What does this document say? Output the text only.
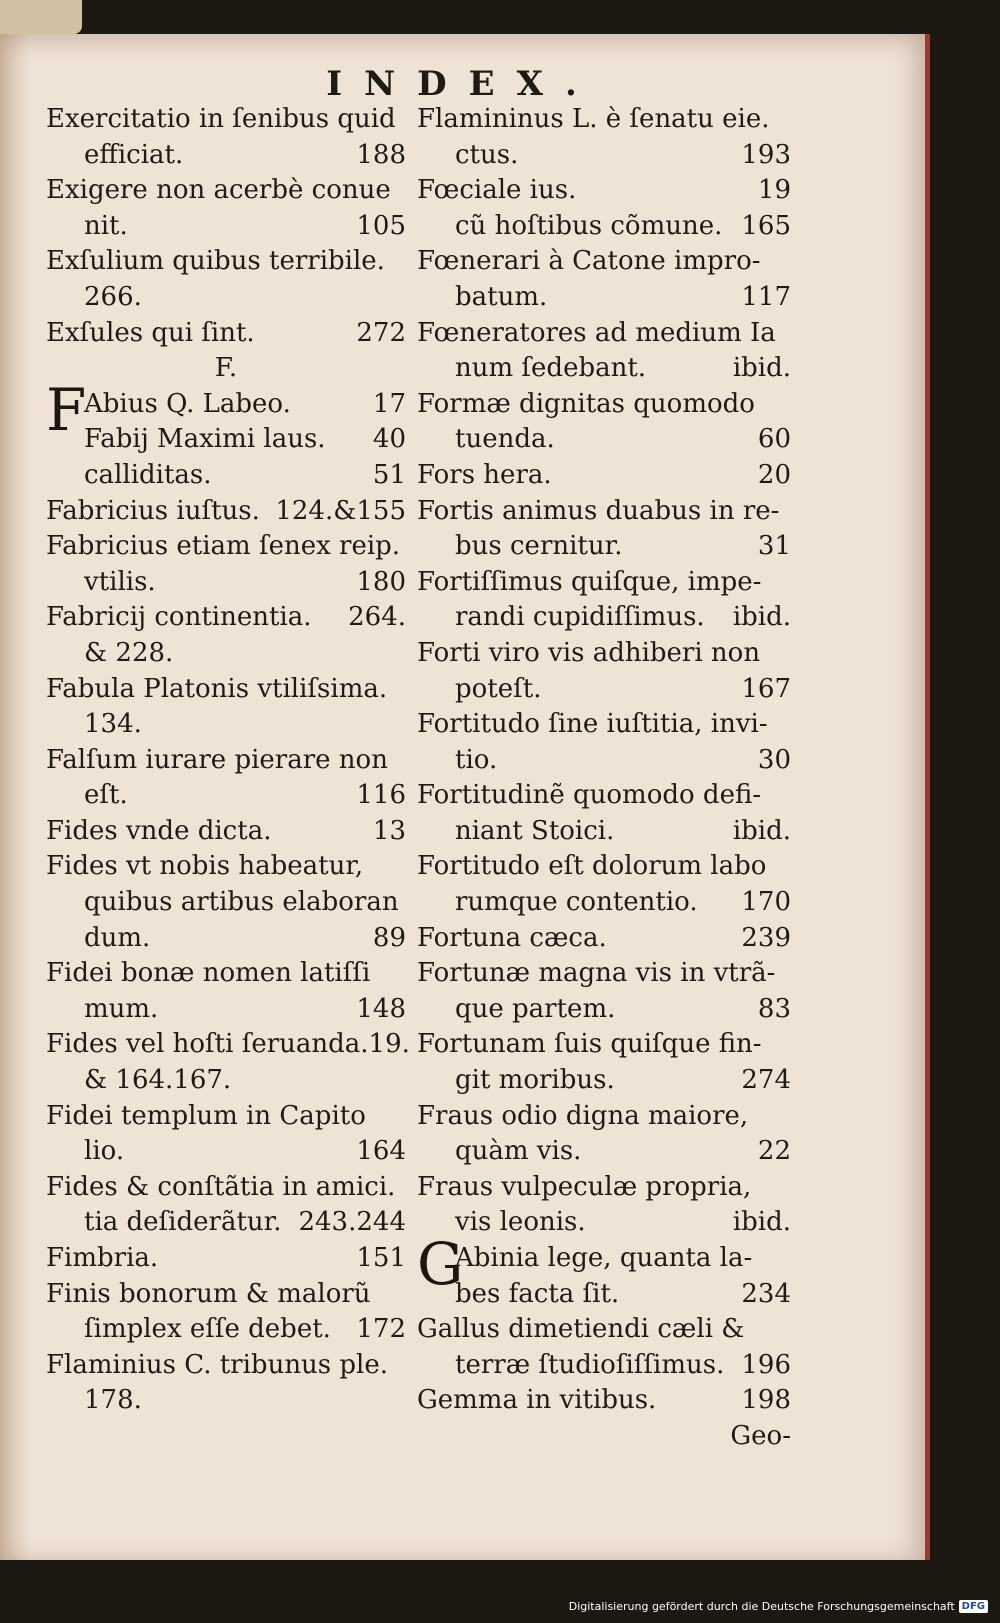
INDEX.
Exercitatio in ſenibus quid
efficiat.	188
Exigere non acerbè conue
nit.	105
Exſulium quibus terribile.
266.
Exſules qui ſint.	272
F.
F
Abius Q. Labeo.	17
Fabij Maximi laus. 40
calliditas.	51
Fabricius iuſtus. 124.&155
Fabricius etiam ſenex reip.
vtilis.	180
Fabricij continentia. 264.
& 228.
Fabula Platonis vtiliſsima.
134.
Falſum iurare pierare non
eſt.	116
Fides vnde dicta.	13
Fides vt nobis habeatur,
quibus artibus elaboran
dum.	89
Fidei bonæ nomen latiſſi
mum.	148
Fides vel hoſti ſeruanda.19.
& 164.167.
Fidei templum in Capito
lio.	164
Fides & conſtãtia in amici.
tia deſiderãtur. 243.244
Fimbria.	151
Finis bonorum & malorũ
ſimplex eſſe debet. 172
Flaminius C. tribunus ple.
178.
Flamininus L. è ſenatu eie.
ctus.	193
Fœciale ius.	19
cũ hoſtibus cõmune. 165
Fœnerari à Catone impro-
batum.	117
Fœneratores ad medium Ia
num ſedebant.	ibid.
Formæ dignitas quomodo
tuenda.	60
Fors hera.	20
Fortis animus duabus in re-
bus cernitur.	31
Fortiſſimus quiſque, impe-
randi cupidiſſimus. ibid.
Forti viro vis adhiberi non
poteſt.	167
Fortitudo ſine iuſtitia, invi-
tio.	30
Fortitudinẽ quomodo defi-
niant Stoici.	ibid.
Fortitudo eſt dolorum labo
rumque contentio. 170
Fortuna cæca.	239
Fortunæ magna vis in vtrã-
que partem.	83
Fortunam ſuis quiſque fin-
git moribus.	274
Fraus odio digna maiore,
quàm vis.	22
Fraus vulpeculæ propria,
vis leonis.	ibid.
G
Abinia lege, quanta la-
bes facta ſit.	234
Gallus dimetiendi cæli &
terræ ſtudioſiſſimus. 196
Gemma in vitibus.	198
Geo-
Digitalisierung gefördert durch die Deutsche Forschungsgemeinschaft DFG
